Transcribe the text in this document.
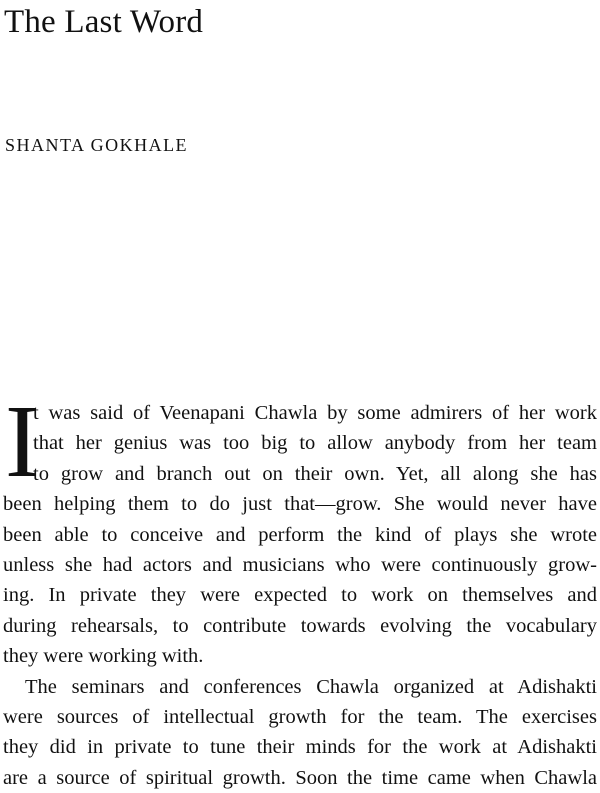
The Last Word
SHANTA GOKHALE
I
t was said of Veenapani Chawla by some admirers of her work
that her genius was too big to allow anybody from her team
to grow and branch out on their own. Yet, all along she has
been helping them to do just that—grow. She would never have
been able to conceive and perform the kind of plays she wrote
unless she had actors and musicians who were continuously grow-
ing. In private they were expected to work on themselves and
during rehearsals, to contribute towards evolving the vocabulary
they were working with.
The seminars and conferences Chawla organized at Adishakti
were sources of intellectual growth for the team. The exercises
they did in private to tune their minds for the work at Adishakti
are a source of spiritual growth. Soon the time came when Chawla
